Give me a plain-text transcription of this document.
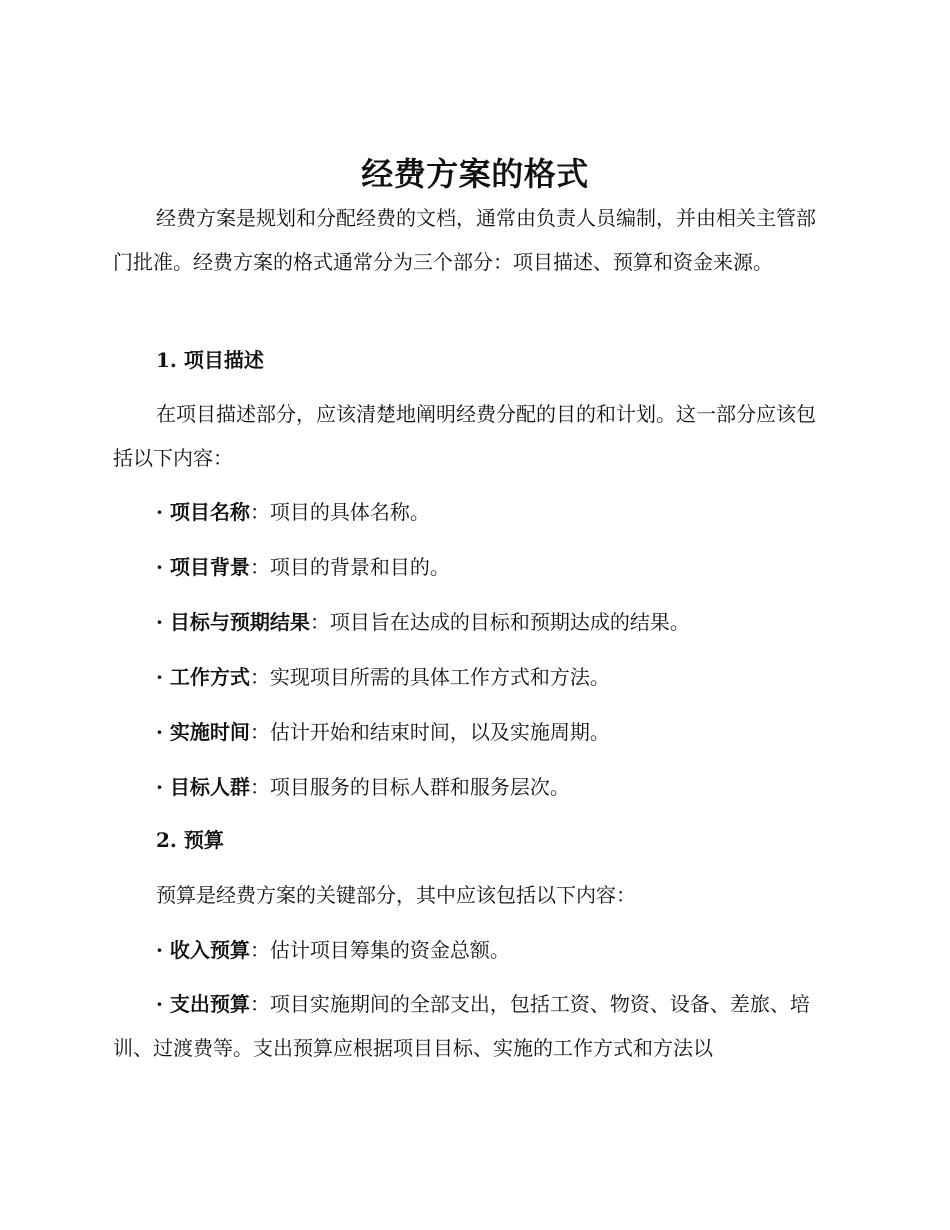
经费方案的格式

经费方案是规划和分配经费的文档，通常由负责人员编制，并由相关主管部门批准。经费方案的格式通常分为三个部分：项目描述、预算和资金来源。

1. 项目描述

在项目描述部分，应该清楚地阐明经费分配的目的和计划。这一部分应该包括以下内容：

· 项目名称：项目的具体名称。
· 项目背景：项目的背景和目的。
· 目标与预期结果：项目旨在达成的目标和预期达成的结果。
· 工作方式：实现项目所需的具体工作方式和方法。
· 实施时间：估计开始和结束时间，以及实施周期。
· 目标人群：项目服务的目标人群和服务层次。
2. 预算
预算是经费方案的关键部分，其中应该包括以下内容：
· 收入预算：估计项目筹集的资金总额。
· 支出预算：项目实施期间的全部支出，包括工资、物资、设备、差旅、培训、过渡费等。支出预算应根据项目目标、实施的工作方式和方法以
